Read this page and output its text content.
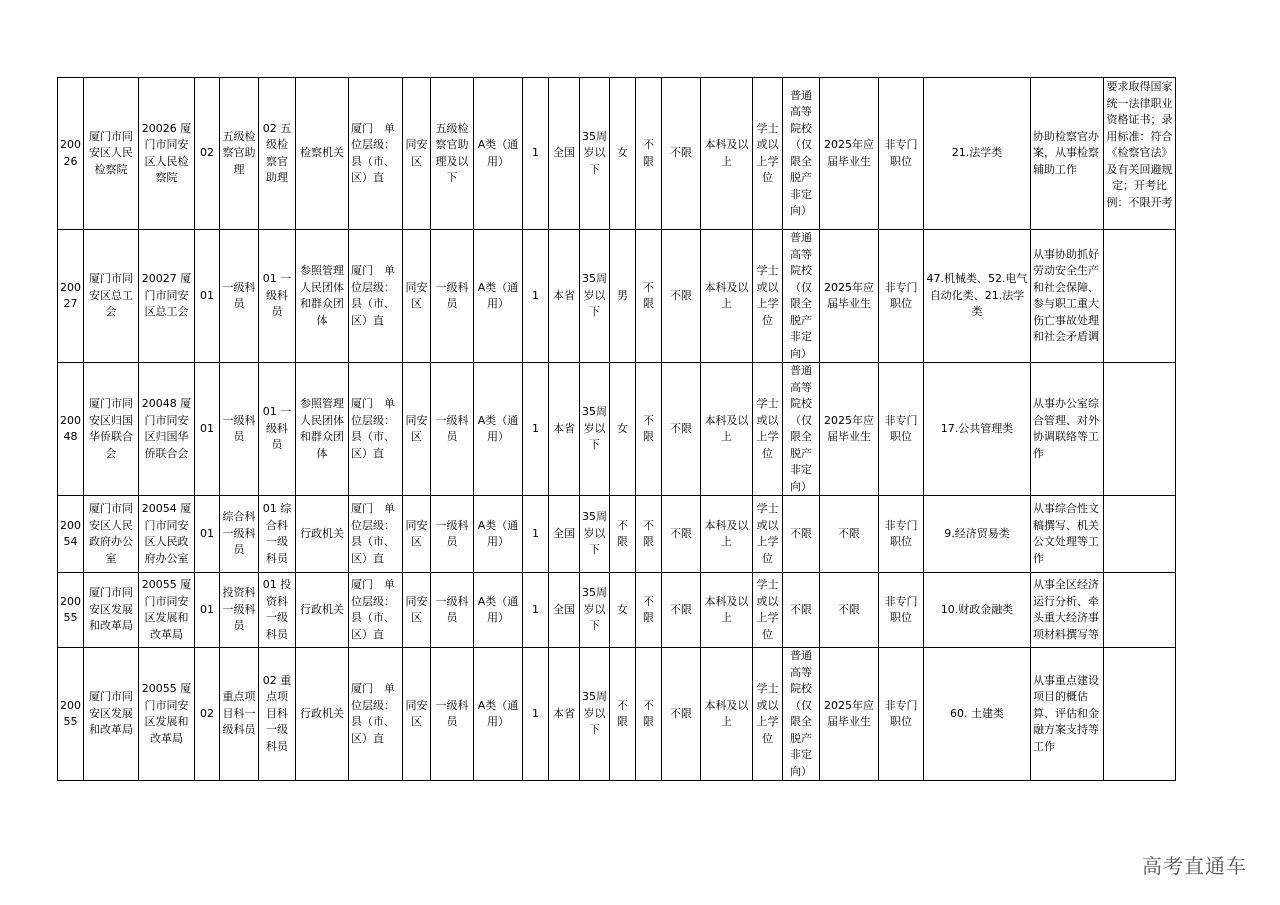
20026	厦门市同安区人民检察院	20026 厦门市同安区人民检察院	02	五级检察官助理	02 五级检察官助理	检察机关	厦门　单位层级：县（市、区）直	同安区	五级检察官助理及以下	A类（通用）	1	全国	35周岁以下	女	不限	不限	本科及以上	学士或以上学位	普通高等院校（仅限全脱产非定向）	2025年应届毕业生	非专门职位	21.法学类	协助检察官办案，从事检察辅助工作	要求取得国家统一法律职业资格证书；录用标准：符合《检察官法》及有关回避规定；开考比例：不限开考
20027	厦门市同安区总工会	20027 厦门市同安区总工会	01	一级科员	01 一级科员	参照管理人民团体和群众团体	厦门　单位层级：县（市、区）直	同安区	一级科员	A类（通用）	1	本省	35周岁以下	男	不限	不限	本科及以上	学士或以上学位	普通高等院校（仅限全脱产非定向）	2025年应届毕业生	非专门职位	47.机械类、52.电气自动化类、21.法学类	从事协助抓好劳动安全生产和社会保障、参与职工重大伤亡事故处理和社会矛盾调	
20048	厦门市同安区归国华侨联合会	20048 厦门市同安区归国华侨联合会	01	一级科员	01 一级科员	参照管理人民团体和群众团体	厦门　单位层级：县（市、区）直	同安区	一级科员	A类（通用）	1	本省	35周岁以下	女	不限	不限	本科及以上	学士或以上学位	普通高等院校（仅限全脱产非定向）	2025年应届毕业生	非专门职位	17.公共管理类	从事办公室综合管理、对外协调联络等工作	
20054	厦门市同安区人民政府办公室	20054 厦门市同安区人民政府办公室	01	综合科一级科员	01 综合科一级科员	行政机关	厦门　单位层级：县（市、区）直	同安区	一级科员	A类（通用）	1	全国	35周岁以下	不限	不限	不限	本科及以上	学士或以上学位	不限	不限	非专门职位	9.经济贸易类	从事综合性文稿撰写、机关公文处理等工作	
20055	厦门市同安区发展和改革局	20055 厦门市同安区发展和改革局	01	投资科一级科员	01 投资科一级科员	行政机关	厦门　单位层级：县（市、区）直	同安区	一级科员	A类（通用）	1	全国	35周岁以下	女	不限	不限	本科及以上	学士或以上学位	不限	不限	非专门职位	10.财政金融类	从事全区经济运行分析、牵头重大经济事项材料撰写等	
20055	厦门市同安区发展和改革局	20055 厦门市同安区发展和改革局	02	重点项目科一级科员	02 重点项目科一级科员	行政机关	厦门　单位层级：县（市、区）直	同安区	一级科员	A类（通用）	1	本省	35周岁以下	不限	不限	不限	本科及以上	学士或以上学位	普通高等院校（仅限全脱产非定向）	2025年应届毕业生	非专门职位	60. 土建类	从事重点建设项目的概估算、评估和金融方案支持等工作	
高考直通车
